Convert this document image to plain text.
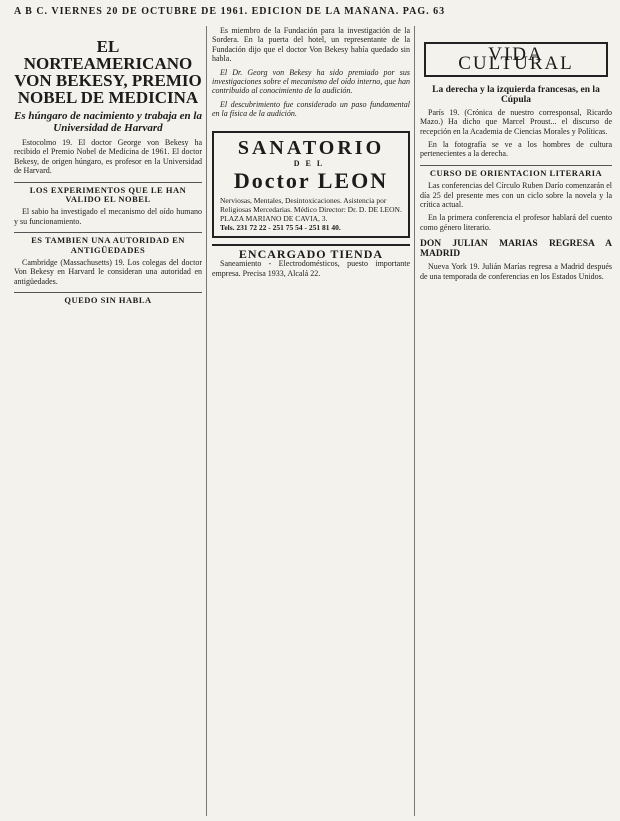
A B C. VIERNES 20 DE OCTUBRE DE 1961. EDICION DE LA MAÑANA. PAG. 63
EL NORTEAMERICANO VON BEKESY, PREMIO NOBEL DE MEDICINA
Es húngaro de nacimiento y trabaja en la Universidad de Harvard

Estocolmo 19. El doctor George von Bekesy ha recibido el Premio Nobel de Medicina de 1961. El doctor Bekesy, de origen húngaro, es profesor en la Universidad de Harvard.

LOS EXPERIMENTOS QUE LE HAN VALIDO EL NOBEL

El sabio ha investigado el mecanismo del oído humano y su funcionamiento.

ES TAMBIEN UNA AUTORIDAD EN ANTIGÜEDADES

Cambridge (Massachusetts) 19. Los colegas del doctor Von Bekesy en Harvard le consideran una autoridad en antigüedades.

QUEDO SIN HABLA

Es miembro de la Fundación para la investigación de la Sordera. En la puerta del hotel, un representante de la Fundación dijo que el doctor Von Bekesy había quedado sin habla.

El Dr. Georg von Bekesy ha sido premiado por sus investigaciones sobre el mecanismo del oído interno, que han contribuido al conocimiento de la audición.

El descubrimiento fue considerado un paso fundamental en la física de la audición.

SANATORIO
DEL
Doctor LEON
Nerviosas, Mentales, Desintoxicaciones. Asistencia por Religiosas Mercedarias. Médico Director: Dr. D. DE LEON. PLAZA MARIANO DE CAVIA, 3.
Tels. 231 72 22 - 251 75 54 - 251 81 40.
ENCARGADO TIENDA

Saneamiento - Electrodomésticos, puesto importante empresa. Precisa 1933, Alcalá 22.

VIDA CULTURAL
La derecha y la izquierda francesas, en la Cúpula

París 19. (Crónica de nuestro corresponsal, Ricardo Mazo.) Ha dicho que Marcel Proust... el discurso de recepción en la Academia de Ciencias Morales y Políticas.

En la fotografía se ve a los hombres de cultura pertenecientes a la derecha.

CURSO DE ORIENTACION LITERARIA

Las conferencias del Círculo Ruben Darío comenzarán el día 25 del presente mes con un ciclo sobre la novela y la crítica actual.

En la primera conferencia el profesor hablará del cuento como género literario.

DON JULIAN MARIAS REGRESA A MADRID

Nueva York 19. Julián Marías regresa a Madrid después de una temporada de conferencias en los Estados Unidos.
